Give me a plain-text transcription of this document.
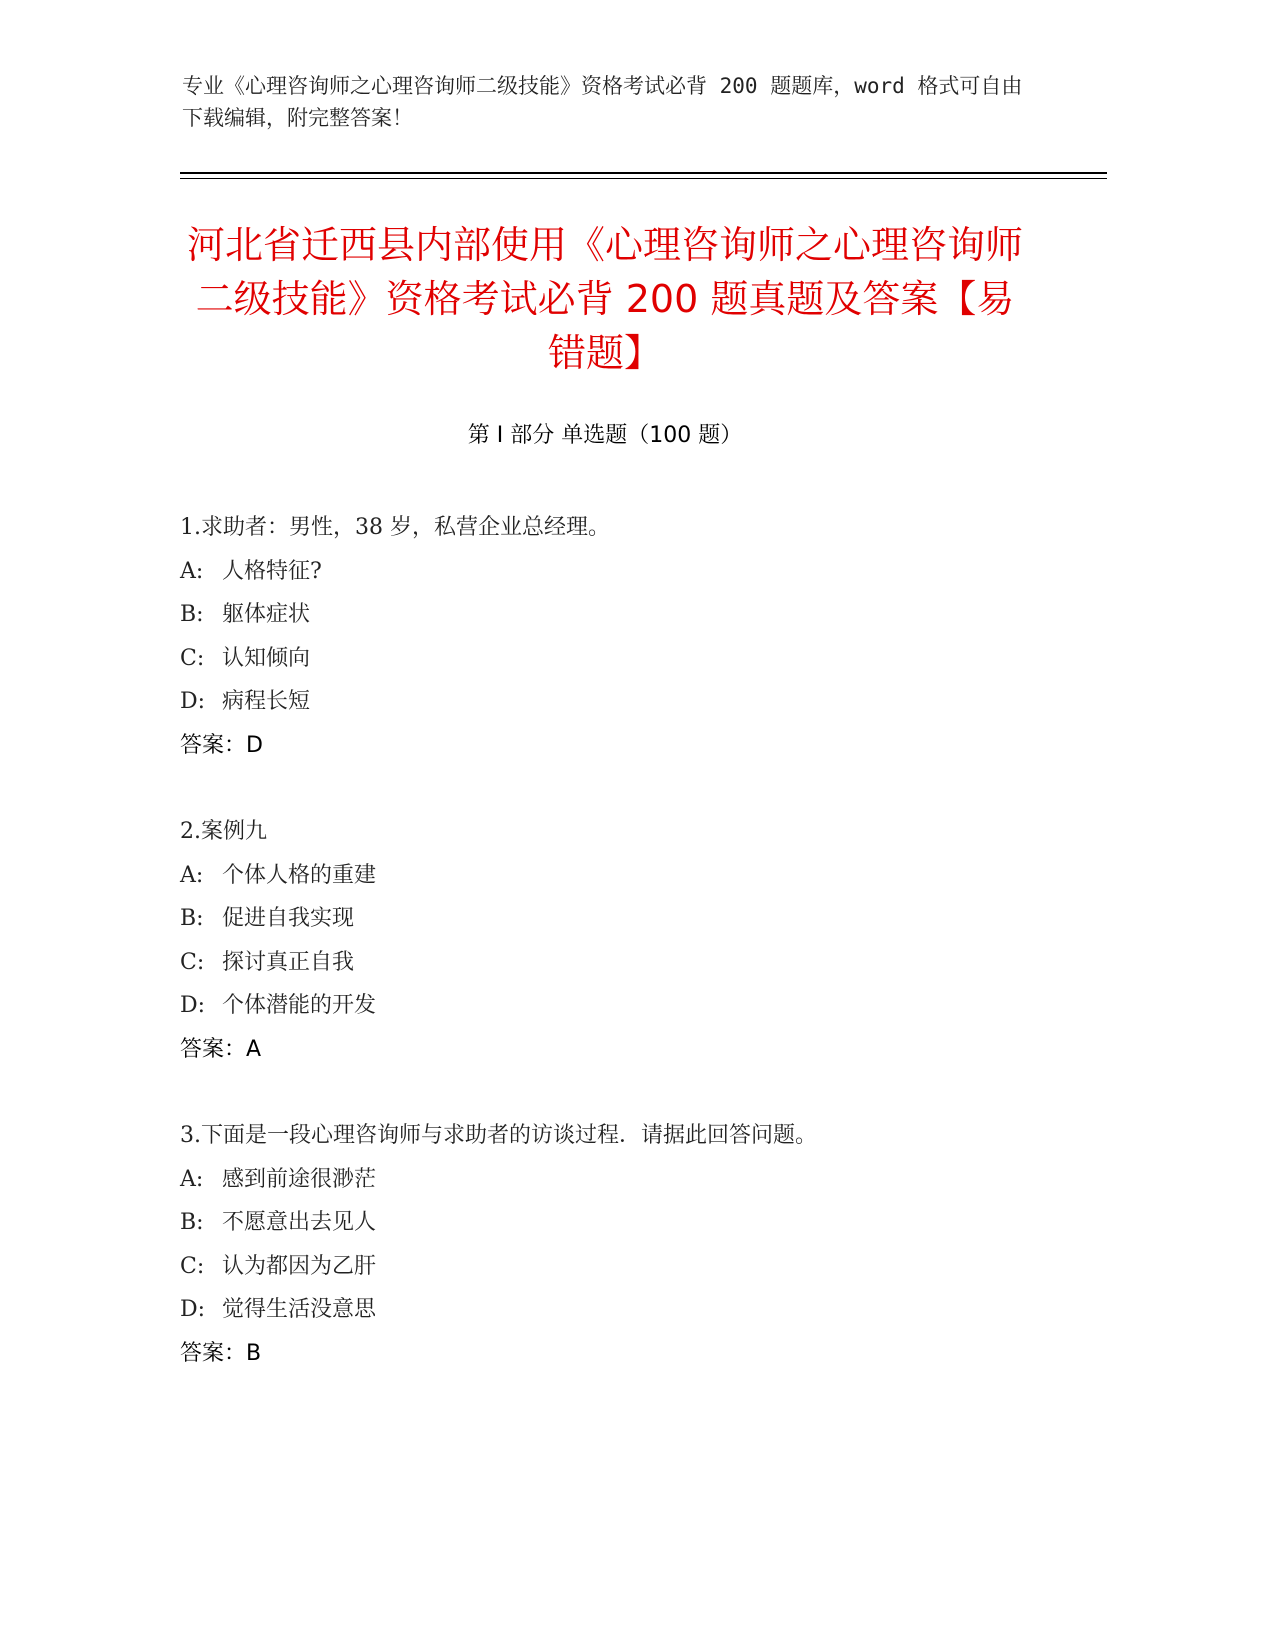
专业《心理咨询师之心理咨询师二级技能》资格考试必背 200 题题库，word 格式可自由下载编辑，附完整答案！

河北省迁西县内部使用《心理咨询师之心理咨询师二级技能》资格考试必背 200 题真题及答案【易错题】
第 I 部分 单选题（100 题）
1.求助者：男性，38 岁，私营企业总经理。
A: 人格特征?
B: 躯体症状
C: 认知倾向
D: 病程长短
答案：D
2.案例九
A: 个体人格的重建
B: 促进自我实现
C: 探讨真正自我
D: 个体潜能的开发
答案：A
3.下面是一段心理咨询师与求助者的访谈过程．请据此回答问题。
A: 感到前途很渺茫
B: 不愿意出去见人
C: 认为都因为乙肝
D: 觉得生活没意思
答案：B
